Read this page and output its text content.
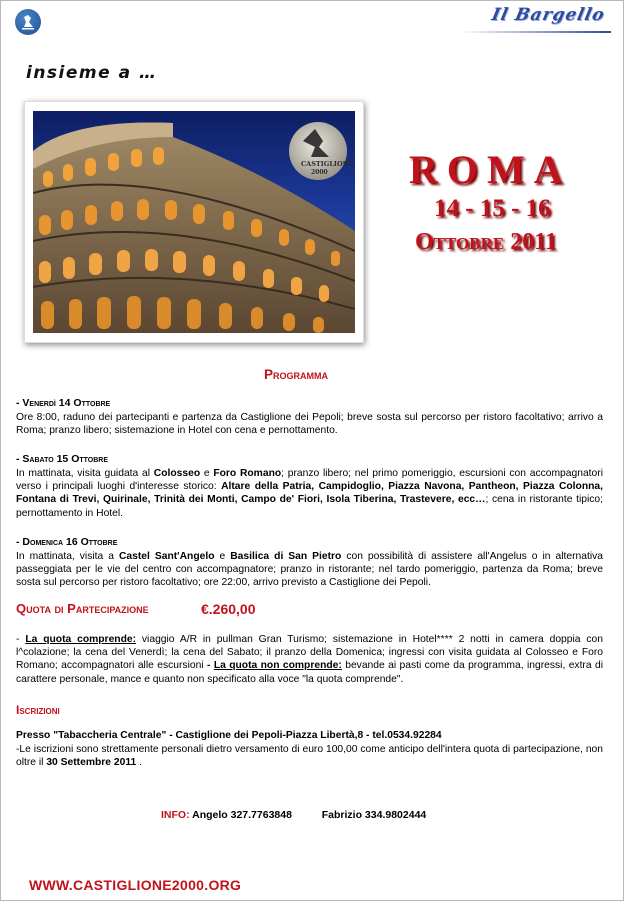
Il Bargello
insieme a …
CASTIGLIONE
2000 ROMA
14 - 15 - 16
Ottobre 2011
Programma
- Venerdì 14 Ottobre
Ore 8:00, raduno dei partecipanti e partenza da Castiglione dei Pepoli; breve sosta sul percorso per ristoro facoltativo; arrivo a Roma; pranzo libero; sistemazione in Hotel con cena e pernottamento.
- Sabato 15 Ottobre
In mattinata, visita guidata al Colosseo e Foro Romano; pranzo libero; nel primo pomeriggio, escursioni con accompagnatori verso i principali luoghi d'interesse storico: Altare della Patria, Campidoglio, Piazza Navona, Pantheon, Piazza Colonna, Fontana di Trevi, Quirinale, Trinità dei Monti, Campo de' Fiori, Isola Tiberina, Trastevere, ecc…; cena in ristorante tipico; pernottamento in Hotel.
- Domenica 16 Ottobre
In mattinata, visita a Castel Sant'Angelo e Basilica di San Pietro con possibilità di assistere all'Angelus o in alternativa passeggiata per le vie del centro con accompagnatore; pranzo in ristorante; nel tardo pomeriggio, partenza da Roma; breve sosta sul percorso per ristoro facoltativo; ore 22:00, arrivo previsto a Castiglione dei Pepoli.
Quota di Partecipazione	€.260,00
- La quota comprende: viaggio A/R in pullman Gran Turismo; sistemazione in Hotel**** 2 notti in camera doppia con l^colazione; la cena del Venerdì; la cena del Sabato; il pranzo della Domenica; ingressi con visita guidata al Colosseo e Foro Romano; accompagnatori alle escursioni - La quota non comprende: bevande ai pasti come da programma, ingressi, extra di carattere personale, mance e quanto non specificato alla voce "la quota comprende".
Iscrizioni
Presso "Tabaccheria Centrale" - Castiglione dei Pepoli-Piazza Libertà,8 - tel.0534.92284
-Le iscrizioni sono strettamente personali dietro versamento di euro 100,00 come anticipo dell'intera quota di partecipazione, non oltre il 30 Settembre 2011 .
INFO: Angelo 327.7763848	Fabrizio 334.9802444
WWW.CASTIGLIONE2000.ORG
